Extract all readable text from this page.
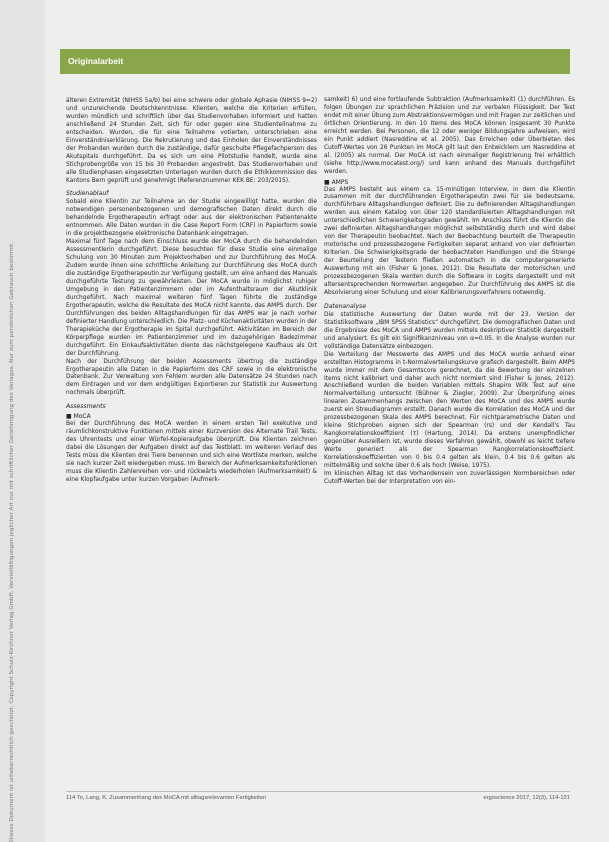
Dieses Dokument ist urheberrechtlich geschützt. Copyright Schulz-Kirchner Verlag GmbH. Vervielfältigungen jeglicher Art nur mit schriftlicher Genehmigung des Verlages. Nur zum persönlichen Gebrauch bestimmt.
Originalarbeit

älteren Extremität (NIHSS 5a/b) bei eine schwere oder globale Aphasie (NIHSS 9=2) und unzureichende Deutschkenntnisse. Klienten, welche die Kriterien erfüllen, wurden mündlich und schriftlich über das Studienvorhaben informiert und hatten anschließend 24 Stunden Zeit, sich für oder gegen eine Studienteilnahme zu entscheiden. Wurden, die für eine Teilnahme votierten, unterschrieben eine Einverständniserklärung. Die Rekrutierung und das Einholen der Einverständnisses der Probanden wurden durch die zuständige, dafür geschulte Pflegefachperson des Akutspitals durchgeführt. Da es sich um eine Pilotstudie handelt, wurde eine Stichprobengröße von 15 bis 30 Probanden angestrebt. Das Studienvorhaben und alle Studienphasen eingesetzten Unterlagen wurden durch die Ethikkommission des Kantons Bern geprüft und genehmigt (Referenznummer KEK BE: 203/2015).

Studienablauf

Sobald eine Klientin zur Teilnahme an der Studie eingewilligt hatte, wurden die notwendigen personenbezogenen und demografischen Daten direkt durch die behandelnde Ergotherapeutin erfragt oder aus der elektronischen Patientenakte entnommen. Alle Daten wurden in die Case Report Form (CRF) in Papierform sowie in die projektbezogene elektronische Datenbank eingetragen.

Maximal fünf Tage nach dem Einschluss wurde der MoCA durch die behandelnden Assessmentlerin durchgeführt. Diese besuchten für diese Studie eine einmalige Schulung von 30 Minuten zum Projektvorhaben und zur Durchführung des MoCA. Zudem wurde ihnen eine schriftliche Anleitung zur Durchführung des MoCA durch die zuständige Ergotherapeutin zur Verfügung gestellt, um eine anhand des Manuals durchgeführte Testung zu gewährleisten. Der MoCA wurde in möglichst ruhiger Umgebung in den Patientenzimmern oder im Aufenthaltsraum der Akutklinik durchgeführt. Nach maximal weiteren fünf Tagen führte die zuständige Ergotherapeutin, welche die Resultate des MoCA nicht kannte, das AMPS durch. Der Durchführungen des beiden Alltagshandlungen für das AMPS war je nach vorher definierter Handlung unterschiedlich. Die Platz- und Küchenaktivitäten wurden in der Therapieküche der Ergotherapie im Spital durchgeführt. Aktivitäten im Bereich der Körperpflege wurden im Patientenzimmer und im dazugehörigen Badezimmer durchgeführt. Ein Einkaufsaktivitäten diente das nächstgelegene Kaufhaus als Ort der Durchführung.

Nach der Durchführung der beiden Assessments übertrug die zuständige Ergotherapeutin alle Daten in die Papierform des CRF sowie in die elektronische Datenbank. Zur Verwaltung von Fehlern wurden alle Datensätze 24 Stunden nach dem Eintragen und vor dem endgültigen Exportieren zur Statistik zur Auswertung nochmals überprüft.

Assessments
■ MoCA

Bei der Durchführung des MoCA werden in einem ersten Teil exekutive und räumlichkonstruktive Funktionen mittels einer Kurzversion des Alternate Trail Tests, des Uhrentests und einer Würfel-Kopieraufgabe überprüft. Die Klienten zeichnen dabei die Lösungen der Aufgaben direkt auf das Testblatt. Im weiteren Verlauf des Tests müss die Klienten drei Tiere benennen und sich eine Wortliste merken, welche sie nach kurzer Zeit wiedergeben muss. Im Bereich der Aufmerksamkeitsfunktionen muss die Klientin Zahlenreihen vor- und rückwärts wiederholen (Aufmerksamkeit) & eine Klopfaufgabe unter kurzen Vorgaben (Aufmerk-

samkeit) 6) und eine fortlaufende Subtraktion (Aufmerksamkeit) (1) durchführen. Es folgen Übungen zur sprachlichen Präzision und zur verbalen Flüssigkeit. Der Test endet mit einer Übung zum Abstraktionsvermögen und mit Fragen zur zeitlichen und örtlichen Orientierung. In den 10 Items des MoCA können insgesamt 30 Punkte erreicht werden. Bei Personen, die 12 oder weniger Bildungsjahre aufweisen, wird ein Punkt addiert (Nasreddine et al. 2005). Das Erreichen oder Überbieten des Cutoff-Wertes von 26 Punkten im MoCA gilt laut den Entwicklern um Nasreddine et al. (2005) als normal. Der MoCA ist nach einmaliger Registrierung frei erhältlich (siehe http://www.mocatest.org/) und kann anhand des Manuals durchgeführt werden.

■ AMPS

Das AMPS besteht aus einem ca. 15-minütigen Interview, in dem die Klientin zusammen mit der durchführenden Ergotherapeutin zwei für sie bedeutsame, durchführbare Alltagshandlungen definiert. Die zu definierenden Alltagshandlungen werden aus einem Katalog von über 120 standardisierten Alltagshandlungen mit unterschiedlichen Schwierigkeitsgraden gewählt. Im Anschluss führt die Klientin die zwei definierten Alltagshandlungen möglichst selbstständig durch und wird dabei von der Therapeutin beobachtet. Nach der Beobachtung beurteilt die Therapeutin motorische und prozessbezogene Fertigkeiten separat anhand von vier definierten Kriterien. Die Schwierigkeitsgrade der beobachteten Handlungen und die Strenge der Beurteilung der Testerin fließen automatisch in die computergenerierte Auswertung mit ein (Fisher & Jones, 2012). Die Resultate der motorischen und prozessbezogenen Skala werden durch die Software in Logits dargestellt und mit altersentsprechenden Normwerten angegeben. Zur Durchführung des AMPS ist die Absolvierung einer Schulung und einer Kalibrierungsverfahrens notwendig.

Datenanalyse

Die statistische Auswertung der Daten wurde mit der 23. Version der Statistiksoftware „IBM SPSS Statistics“ durchgeführt. Die demografischen Daten und die Ergebnisse des MoCA und AMPS wurden mittels deskriptiver Statistik dargestellt und analysiert. Es gilt ein Signifikanzniveau von α=0.05. In die Analyse wurden nur vollständige Datensätze einbezogen.

Die Verteilung der Messwerte des AMPS und des MoCA wurde anhand einer erstellten Histogramms in t-Normalverteilungskurve grafisch dargestellt. Beim AMPS wurde immer mit dem Gesamtscore gerechnet, da die Bewertung der einzelnen Items nicht kalibriert und daher auch nicht normiert sind (Fisher & Jones, 2012). Anschließend wurden die beiden Variablen mittels Shapiro Wilk Test auf eine Normalverteilung untersucht (Bühner & Ziegler, 2009). Zur Überprüfung eines linearen Zusammenhangs zwischen den Werten des MoCA und des AMPS wurde zuerst ein Streudiagramm erstellt. Danach wurde die Korrelation des MoCA und der prozessbezogenen Skala des AMPS berechnet. Für nichtparametrische Daten und kleine Stichproben eignen sich der Spearman (rs) und der Kendall's Tau Rangkorrelationskoeffizient (τ) (Hartung, 2014). Da erstens unempfindlicher gegenüber Ausreißern ist, wurde dieses Verfahren gewählt, obwohl es leicht tiefere Werte generiert als der Spearman Rangkorrelationskoeffizient. Korrelationskoeffizienten von 0 bis 0.4 gelten als klein, 0.4 bis 0.6 gelten als mittelmäßig und solche über 0.6 als hoch (Weise, 1975).

Im klinischen Alltag ist das Vorhandensein von zuverlässigen Normbereichen oder Cutoff-Werten bei der Interpretation von ein-

114 To, Lang, K. Zusammenhang des MoCA mit alltagsrelevanten Fertigkeiten	ergoscience 2017, 12(3), 114-121
